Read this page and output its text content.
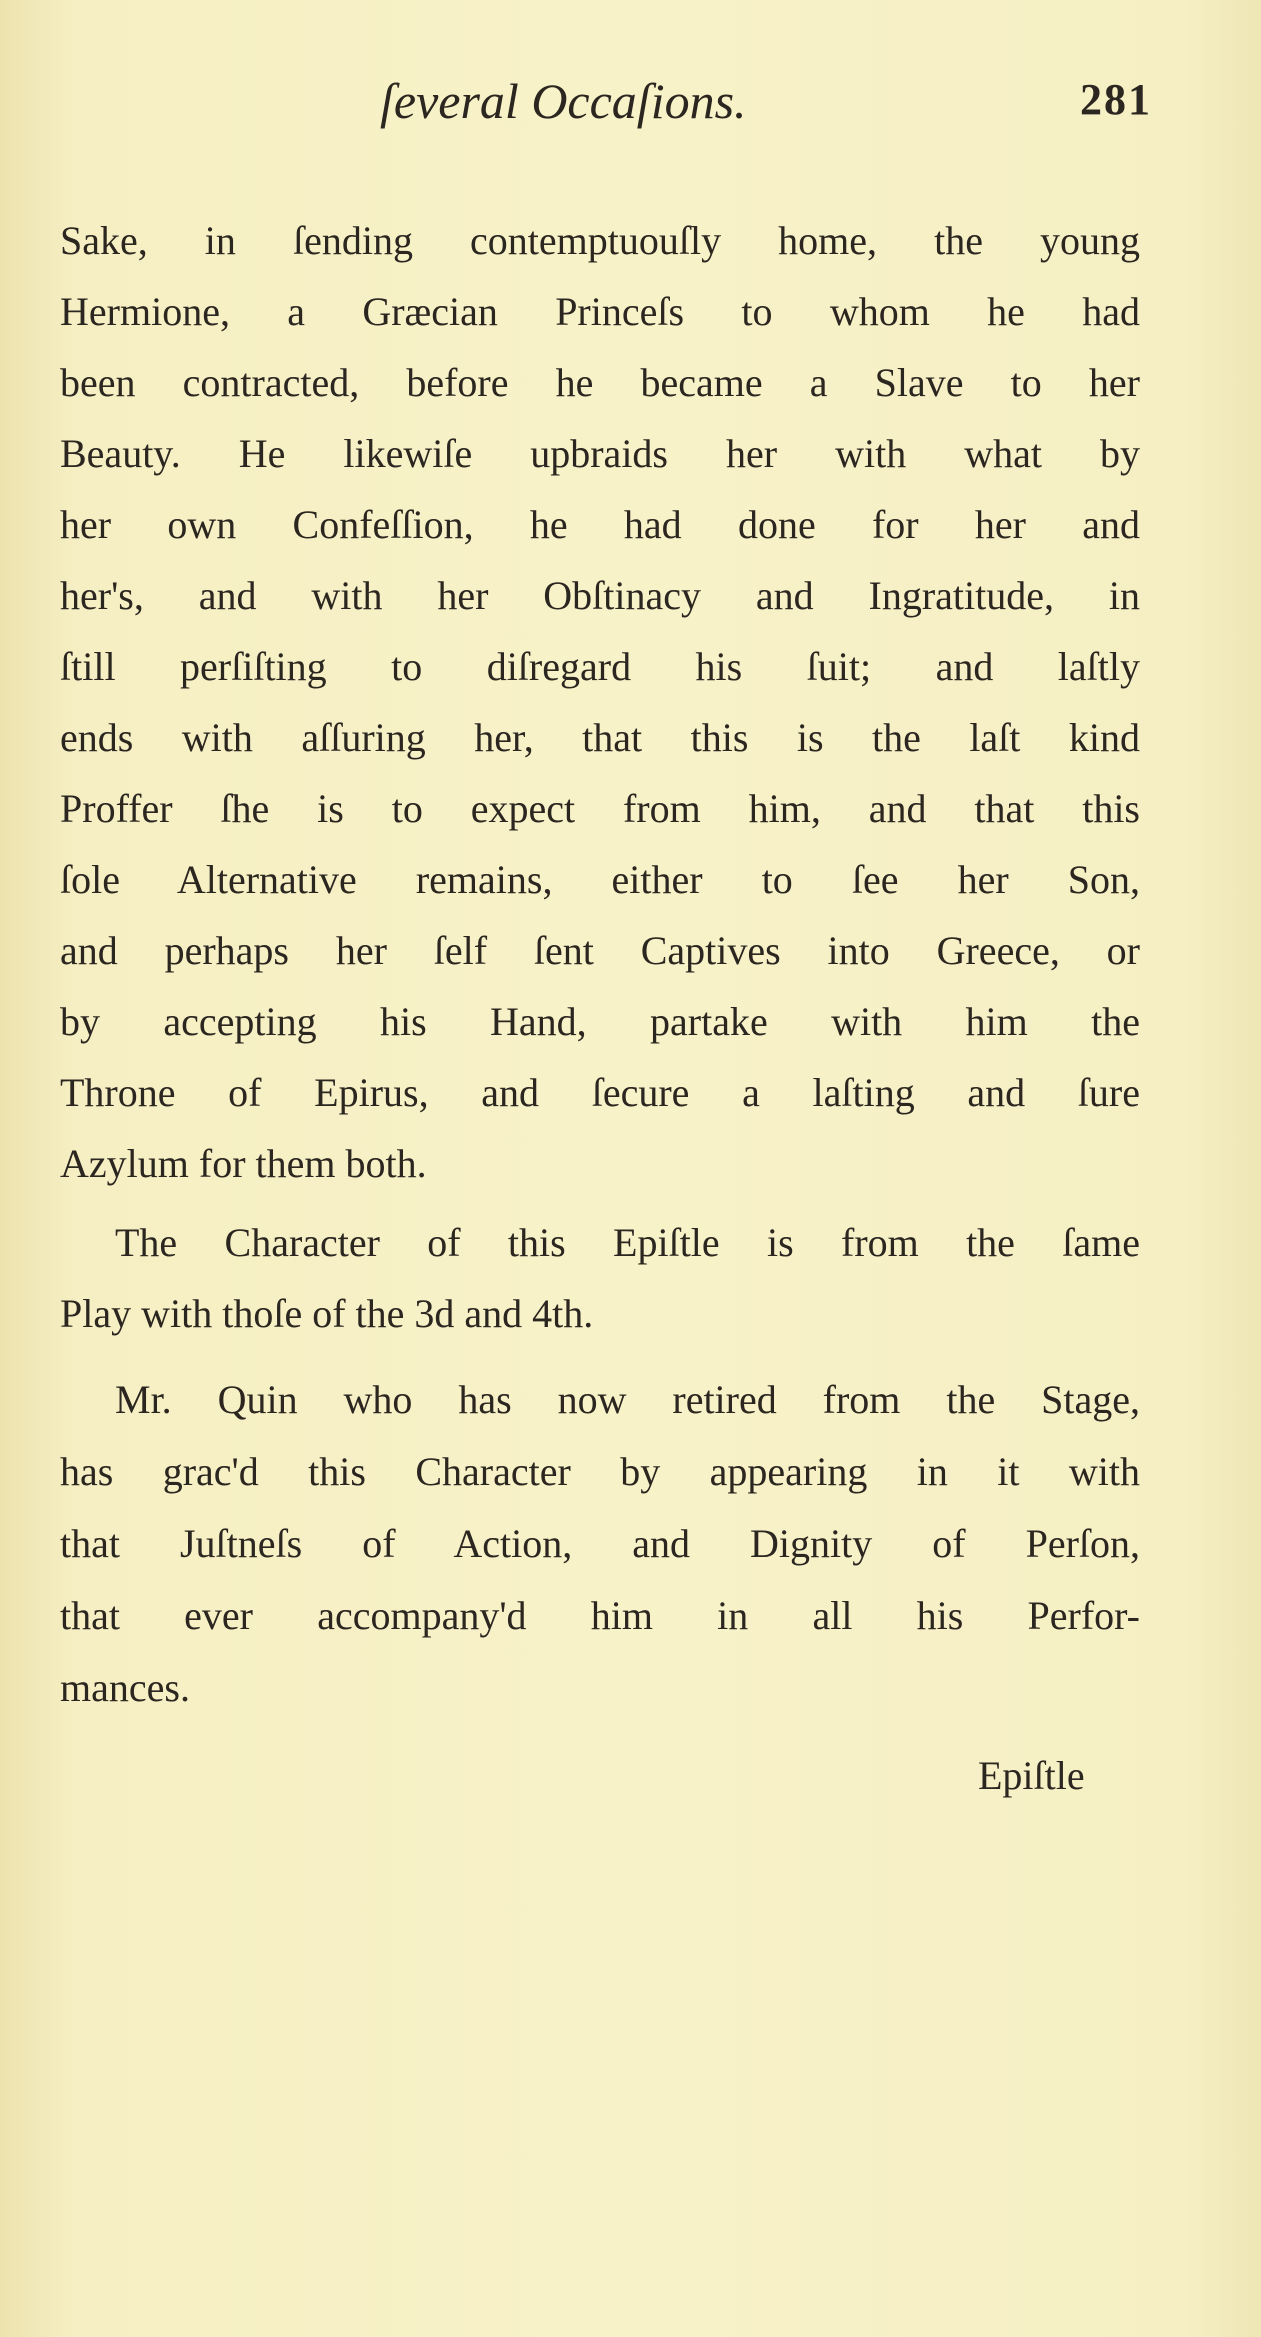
ſeveral Occaſions.	281
Sake, in ſending contemptuouſly home, the young
Hermione, a Græcian Princeſs to whom he had
been contracted, before he became a Slave to her
Beauty. He likewiſe upbraids her with what by
her own Confeſſion, he had done for her and
her's, and with her Obſtinacy and Ingratitude, in
ſtill perſiſting to diſregard his ſuit; and laſtly
ends with aſſuring her, that this is the laſt kind
Proffer ſhe is to expect from him, and that this
ſole Alternative remains, either to ſee her Son,
and perhaps her ſelf ſent Captives into Greece, or
by accepting his Hand, partake with him the
Throne of Epirus, and ſecure a laſting and ſure
Azylum for them both.
The Character of this Epiſtle is from the ſame
Play with thoſe of the 3d and 4th.
Mr. Quin who has now retired from the Stage,
has grac'd this Character by appearing in it with
that Juſtneſs of Action, and Dignity of Perſon,
that ever accompany'd him in all his Perfor-
mances.
Epiſtle
